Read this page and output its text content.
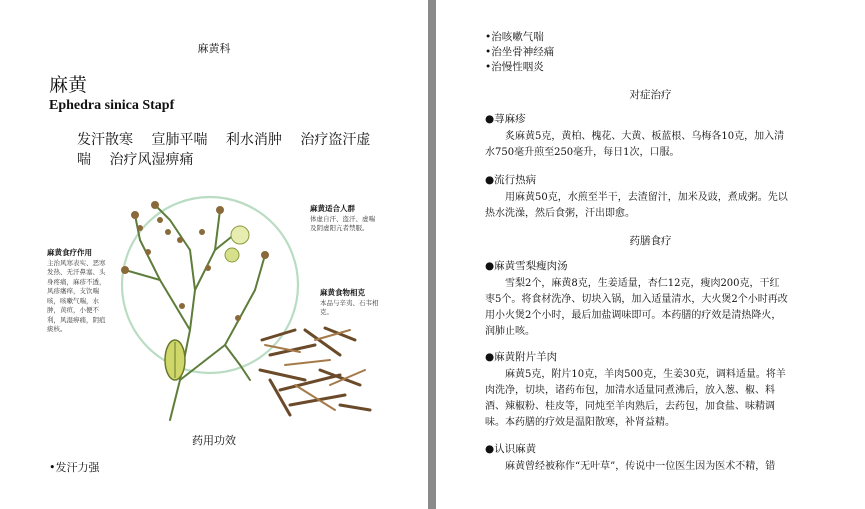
麻黄科
麻黄
Ephedra sinica Stapf
发汗散寒 宣肺平喘 利水消肿 治疗盗汗虚喘 治疗风湿痹痛
麻黄食疗作用
主治风寒表实、恶寒发热、无汗鼻塞、头身疼痛，麻疹不透，风疹瘙痒，支饮喘咳，咳嗽气喘，水肿，黄疸，小便不利，风湿痹痛，阴疽痰核。
麻黄适合人群
体虚自汗、盗汗、虚喘及阴虚阳亢者禁服。
麻黄食物相克
本品与辛夷、石韦相克。
药用功效
•发汗力强
•治咳嗽气喘
•治坐骨神经痛
•治慢性咽炎
对症治疗
●荨麻疹
炙麻黄5克，黄柏、槐花、大黄、板蓝根、乌梅各10克，加入清水750毫升煎至250毫升，每日1次，口服。
●流行热病
用麻黄50克，水煎至半干，去渣留汁，加米及豉，煮成粥。先以热水洗澡，然后食粥，汗出即愈。
药膳食疗
●麻黄雪梨瘦肉汤
雪梨2个，麻黄8克，生姜适量，杏仁12克，瘦肉200克，干红枣5个。将食材洗净、切块入锅，加入适量清水，大火煲2个小时再改用小火煲2个小时，最后加盐调味即可。本药膳的疗效是清热降火，润肺止咳。
●麻黄附片羊肉
麻黄5克，附片10克，羊肉500克，生姜30克，调料适量。将羊肉洗净，切块，诸药布包，加清水适量同煮沸后，放入葱、椒、料酒、辣椒粉、桂皮等，同炖至羊肉熟后，去药包，加食盐、味精调味。本药膳的疗效是温阳散寒，补肾益精。
●认识麻黄
麻黄曾经被称作“无叶草”，传说中一位医生因为医术不精，错
